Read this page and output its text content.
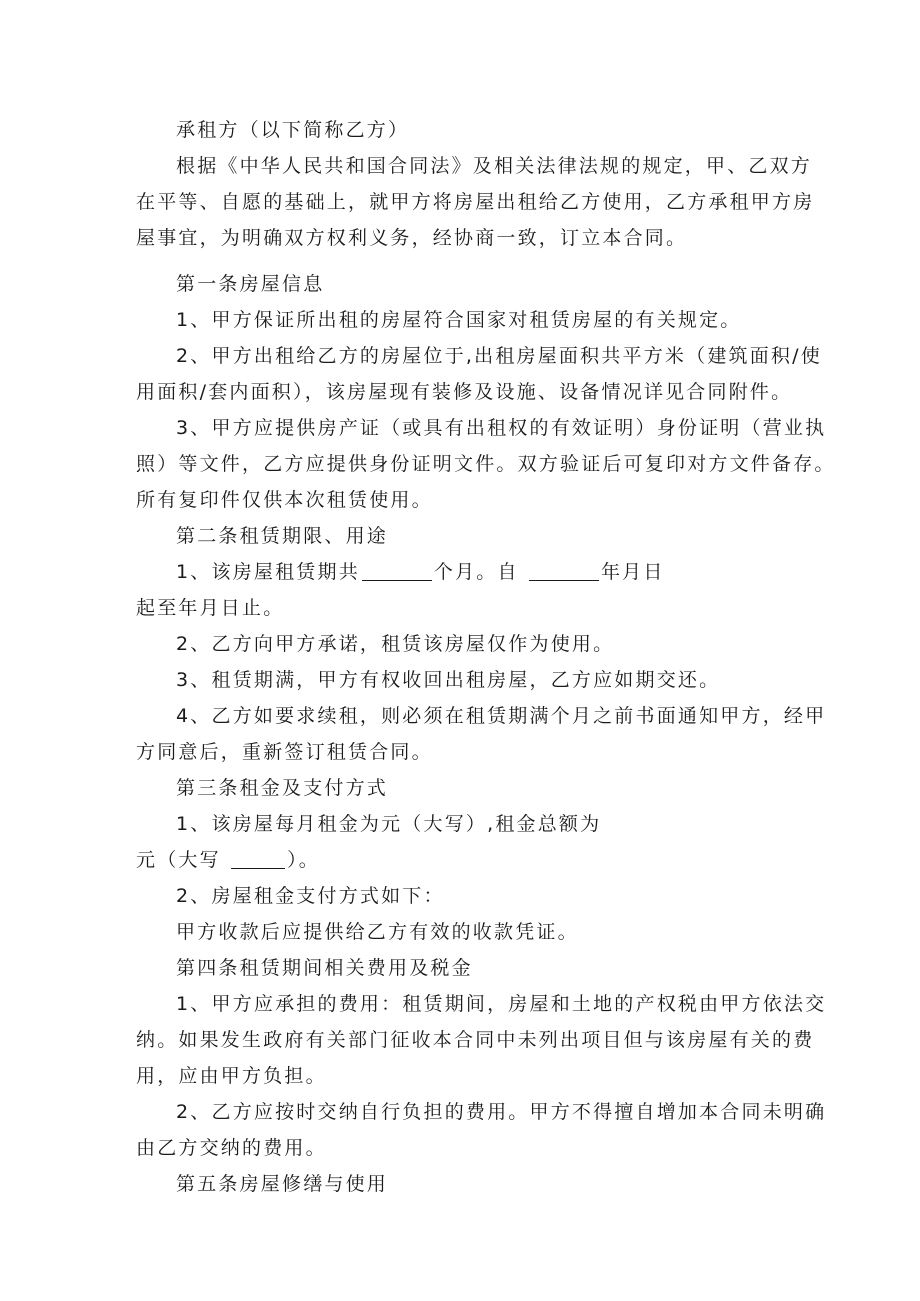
承租方（以下简称乙方）
根据《中华人民共和国合同法》及相关法律法规的规定，甲、乙双方
在平等、自愿的基础上，就甲方将房屋出租给乙方使用，乙方承租甲方房
屋事宜，为明确双方权利义务，经协商一致，订立本合同。
第一条房屋信息
1、甲方保证所出租的房屋符合国家对租赁房屋的有关规定。
2、甲方出租给乙方的房屋位于,出租房屋面积共平方米（建筑面积/使
用面积/套内面积），该房屋现有装修及设施、设备情况详见合同附件。
3、甲方应提供房产证（或具有出租权的有效证明）身份证明（营业执
照）等文件，乙方应提供身份证明文件。双方验证后可复印对方文件备存。
所有复印件仅供本次租赁使用。
第二条租赁期限、用途
1、该房屋租赁期共	个月。自	年月日
起至年月日止。
2、乙方向甲方承诺，租赁该房屋仅作为使用。
3、租赁期满，甲方有权收回出租房屋，乙方应如期交还。
4、乙方如要求续租，则必须在租赁期满个月之前书面通知甲方，经甲
方同意后，重新签订租赁合同。
第三条租金及支付方式
1、该房屋每月租金为元（大写）,租金总额为
元（大写	）。
2、房屋租金支付方式如下：
甲方收款后应提供给乙方有效的收款凭证。
第四条租赁期间相关费用及税金
1、甲方应承担的费用：租赁期间，房屋和土地的产权税由甲方依法交
纳。如果发生政府有关部门征收本合同中未列出项目但与该房屋有关的费
用，应由甲方负担。
2、乙方应按时交纳自行负担的费用。甲方不得擅自增加本合同未明确
由乙方交纳的费用。
第五条房屋修缮与使用
